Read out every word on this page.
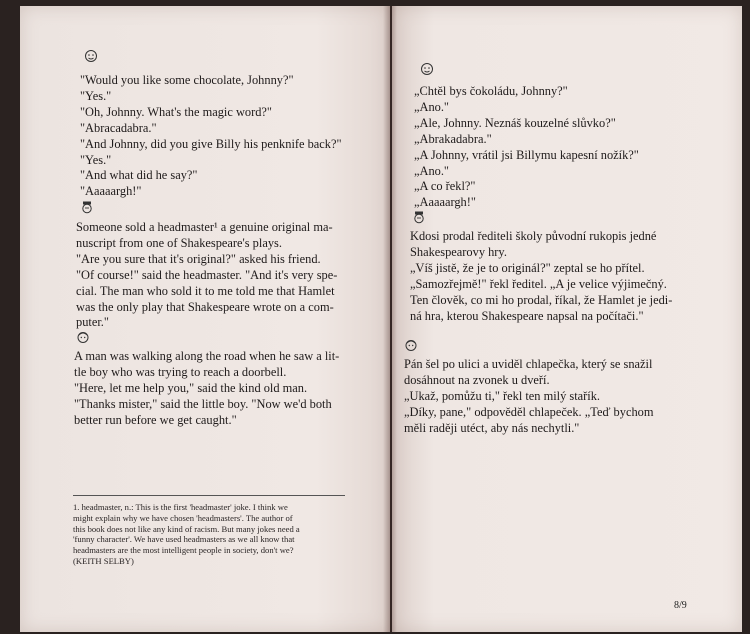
"Would you like some chocolate, Johnny?"
"Yes."
"Oh, Johnny. What's the magic word?"
"Abracadabra."
"And Johnny, did you give Billy his penknife back?"
"Yes."
"And what did he say?"
"Aaaaargh!"
Someone sold a headmaster¹ a genuine original ma-
nuscript from one of Shakespeare's plays.
"Are you sure that it's original?" asked his friend.
"Of course!" said the headmaster. "And it's very spe-
cial. The man who sold it to me told me that Hamlet
was the only play that Shakespeare wrote on a com-
puter."
A man was walking along the road when he saw a lit-
tle boy who was trying to reach a doorbell.
"Here, let me help you," said the kind old man.
"Thanks mister," said the little boy. "Now we'd both
better run before we get caught."
1. headmaster, n.: This is the first 'headmaster' joke. I think we
might explain why we have chosen 'headmasters'. The author of
this book does not like any kind of racism. But many jokes need a
'funny character'. We have used headmasters as we all know that
headmasters are the most intelligent people in society, don't we?
(KEITH SELBY)
„Chtěl bys čokoládu, Johnny?"
„Ano."
„Ale, Johnny. Neznáš kouzelné slůvko?"
„Abrakadabra."
„A Johnny, vrátil jsi Billymu kapesní nožík?"
„Ano."
„A co řekl?"
„Aaaaargh!"
Kdosi prodal řediteli školy původní rukopis jedné
Shakespearovy hry.
„Víš jistě, že je to originál?" zeptal se ho přítel.
„Samozřejmě!" řekl ředitel. „A je velice výjimečný.
Ten člověk, co mi ho prodal, říkal, že Hamlet je jedi-
ná hra, kterou Shakespeare napsal na počítači."
Pán šel po ulici a uviděl chlapečka, který se snažil
dosáhnout na zvonek u dveří.
„Ukaž, pomůžu ti," řekl ten milý stařík.
„Díky, pane," odpověděl chlapeček. „Teď bychom
měli raději utéct, aby nás nechytli."
8/9
